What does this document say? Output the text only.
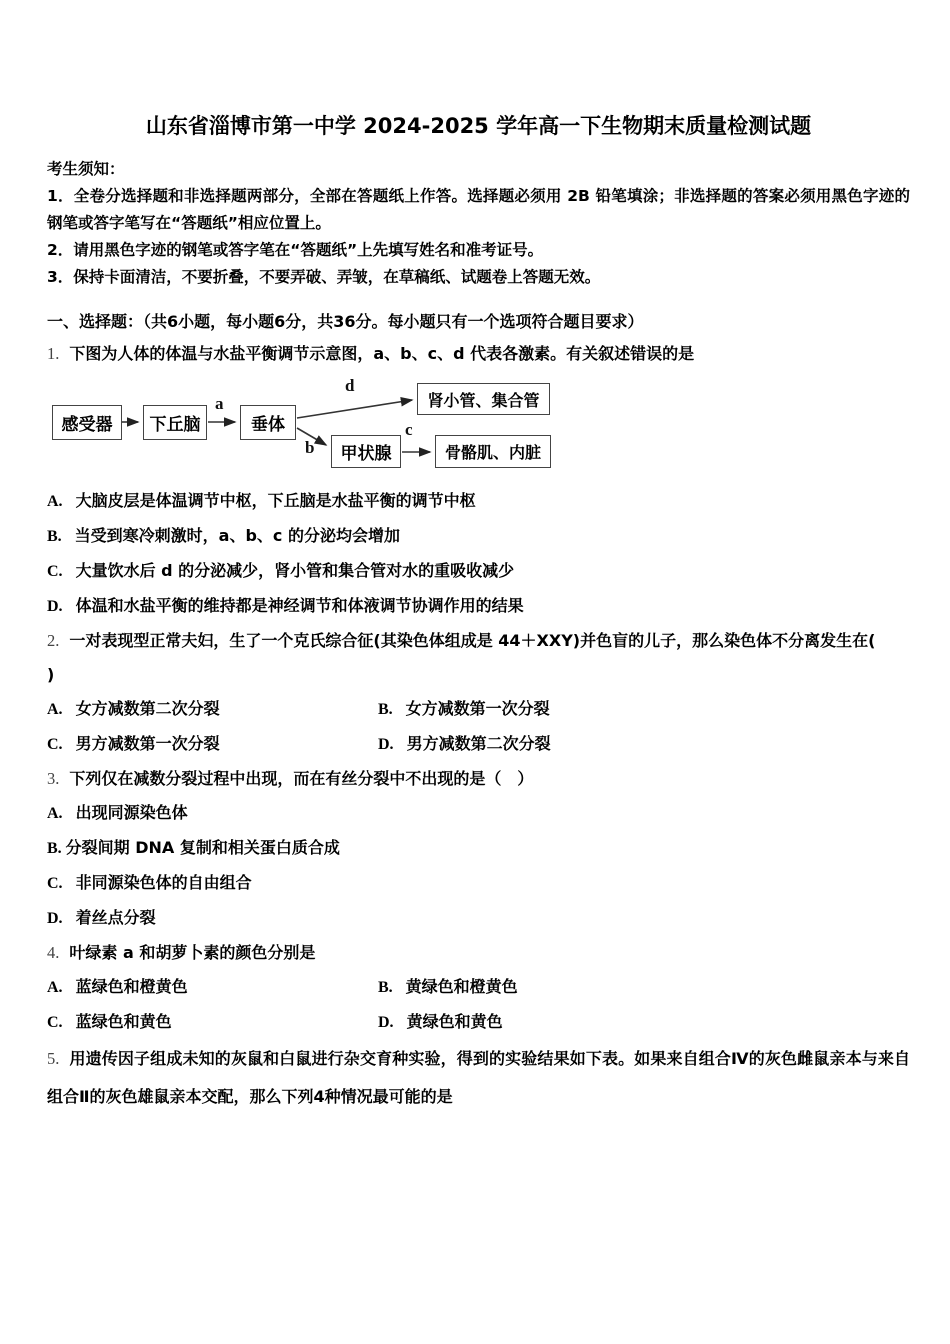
山东省淄博市第一中学 2024-2025 学年高一下生物期末质量检测试题
考生须知：
1．全卷分选择题和非选择题两部分，全部在答题纸上作答。选择题必须用 2B 铅笔填涂；非选择题的答案必须用黑色字迹的钢笔或答字笔写在“答题纸”相应位置上。
2．请用黑色字迹的钢笔或答字笔在“答题纸”上先填写姓名和准考证号。
3．保持卡面清洁，不要折叠，不要弄破、弄皱，在草稿纸、试题卷上答题无效。
一、选择题：（共6小题，每小题6分，共36分。每小题只有一个选项符合题目要求）
1. 下图为人体的体温与水盐平衡调节示意图，a、b、c、d 代表各激素。有关叙述错误的是
感受器	下丘脑	垂体
肾小管、集合管
甲状腺	骨骼肌、内脏
a
d
b
c
A. 大脑皮层是体温调节中枢，下丘脑是水盐平衡的调节中枢
B. 当受到寒冷刺激时，a、b、c 的分泌均会增加
C. 大量饮水后 d 的分泌减少，肾小管和集合管对水的重吸收减少
D. 体温和水盐平衡的维持都是神经调节和体液调节协调作用的结果
2. 一对表现型正常夫妇，生了一个克氏综合征(其染色体组成是 44＋XXY)并色盲的儿子，那么染色体不分离发生在(
)
A. 女方减数第二次分裂	B. 女方减数第一次分裂
C. 男方减数第一次分裂	D. 男方减数第二次分裂
3. 下列仅在减数分裂过程中出现，而在有丝分裂中不出现的是（　）
A. 出现同源染色体
B. 分裂间期 DNA 复制和相关蛋白质合成
C. 非同源染色体的自由组合
D. 着丝点分裂
4. 叶绿素 a 和胡萝卜素的颜色分别是
A. 蓝绿色和橙黄色	B. 黄绿色和橙黄色
C. 蓝绿色和黄色	D. 黄绿色和黄色
5. 用遗传因子组成未知的灰鼠和白鼠进行杂交育种实验，得到的实验结果如下表。如果来自组合Ⅳ的灰色雌鼠亲本与来自组合Ⅱ的灰色雄鼠亲本交配，那么下列4种情况最可能的是
